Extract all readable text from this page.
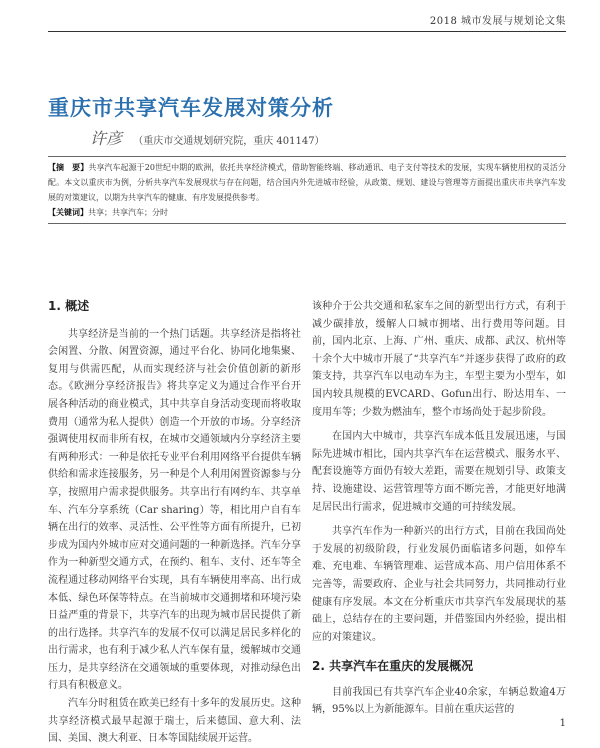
2018 城市发展与规划论文集
重庆市共享汽车发展对策分析
许彦 （重庆市交通规划研究院，重庆 401147）
【摘　要】共享汽车起源于20世纪中期的欧洲，依托共享经济模式，借助智能终端、移动通讯、电子支付等技术的发展，实现车辆使用权的灵活分配。本文以重庆市为例，分析共享汽车发展现状与存在问题，结合国内外先进城市经验，从政策、规划、建设与管理等方面提出重庆市共享汽车发展的对策建议，以期为共享汽车的健康、有序发展提供参考。
【关键词】共享；共享汽车；分时
1. 概述

共享经济是当前的一个热门话题。共享经济是指将社会闲置、分散、闲置资源，通过平台化、协同化地集聚、复用与供需匹配，从而实现经济与社会价值创新的新形态。《欧洲分享经济报告》将共享定义为通过合作平台开展各种活动的商业模式，其中共享自身活动变现而将收取费用（通常为私人提供）创造一个开放的市场。分享经济强调使用权而非所有权，在城市交通领域内分享经济主要有两种形式：一种是依托专业平台利用网络平台提供车辆供给和需求连接服务，另一种是个人利用闲置资源参与分享，按照用户需求提供服务。共享出行有网约车、共享单车、汽车分享系统（Car sharing）等，相比用户自有车辆在出行的效率、灵活性、公平性等方面有所提升，已初步成为国内外城市应对交通问题的一种新选择。汽车分享作为一种新型交通方式，在预约、租车、支付、还车等全流程通过移动网络平台实现，具有车辆使用率高、出行成本低、绿色环保等特点。在当前城市交通拥堵和环境污染日益严重的背景下，共享汽车的出现为城市居民提供了新的出行选择。共享汽车的发展不仅可以满足居民多样化的出行需求，也有利于减少私人汽车保有量，缓解城市交通压力，是共享经济在交通领域的重要体现，对推动绿色出行具有积极意义。

汽车分时租赁在欧美已经有十多年的发展历史。这种共享经济模式最早起源于瑞士，后来德国、意大利、法国、美国、澳大利亚、日本等国陆续展开运营。

该种介于公共交通和私家车之间的新型出行方式，有利于减少碳排放，缓解人口城市拥堵、出行费用等问题。目前，国内北京、上海、广州、重庆、成都、武汉、杭州等十余个大中城市开展了“共享汽车”并逐步获得了政府的政策支持，共享汽车以电动车为主，车型主要为小型车，如国内较具规模的EVCARD、Gofun出行、盼达用车、一度用车等；少数为燃油车，整个市场尚处于起步阶段。

在国内大中城市，共享汽车成本低且发展迅速，与国际先进城市相比，国内共享汽车在运营模式、服务水平、配套设施等方面仍有较大差距，需要在规划引导、政策支持、设施建设、运营管理等方面不断完善，才能更好地满足居民出行需求，促进城市交通的可持续发展。

共享汽车作为一种新兴的出行方式，目前在我国尚处于发展的初级阶段，行业发展仍面临诸多问题，如停车难、充电难、车辆管理难、运营成本高、用户信用体系不完善等，需要政府、企业与社会共同努力，共同推动行业健康有序发展。本文在分析重庆市共享汽车发展现状的基础上，总结存在的主要问题，并借鉴国内外经验，提出相应的对策建议。

2. 共享汽车在重庆的发展概况

目前我国已有共享汽车企业40余家，车辆总数逾4万辆，95%以上为新能源车。目前在重庆运营的

1
